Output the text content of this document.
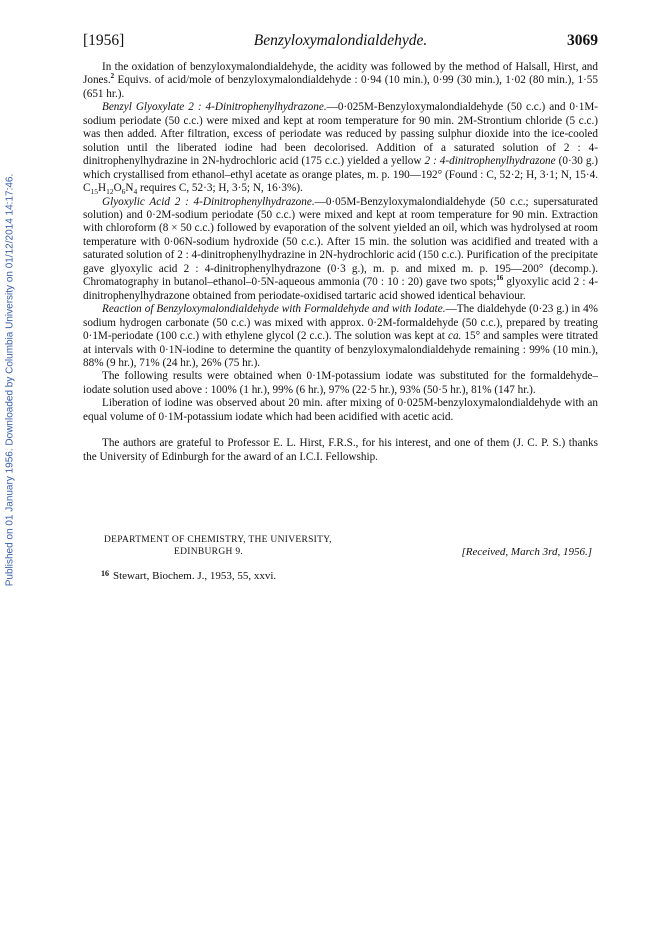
Published on 01 January 1956. Downloaded by Columbia University on 01/12/2014 14:17:46.
[1956]	Benzyloxymalondialdehyde.	3069

In the oxidation of benzyloxymalondialdehyde, the acidity was followed by the method of Halsall, Hirst, and Jones.$^2$ Equivs. of acid/mole of benzyloxymalondialdehyde : 0·94 (10 min.), 0·99 (30 min.), 1·02 (80 min.), 1·55 (651 hr.).

Benzyl Glyoxylate 2 : 4-Dinitrophenylhydrazone.—0·025M-Benzyloxymalondialdehyde (50 c.c.) and 0·1M-sodium periodate (50 c.c.) were mixed and kept at room temperature for 90 min. 2M-Strontium chloride (5 c.c.) was then added. After filtration, excess of periodate was reduced by passing sulphur dioxide into the ice-cooled solution until the liberated iodine had been decolorised. Addition of a saturated solution of 2 : 4-dinitrophenylhydrazine in 2N-hydrochloric acid (175 c.c.) yielded a yellow 2 : 4-dinitrophenylhydrazone (0·30 g.) which crystallised from ethanol–ethyl acetate as orange plates, m. p. 190—192° (Found : C, 52·2; H, 3·1; N, 15·4. $C_{15}H_{12}O_6N_4$ requires C, 52·3; H, 3·5; N, 16·3%).

Glyoxylic Acid 2 : 4-Dinitrophenylhydrazone.—0·05M-Benzyloxymalondialdehyde (50 c.c.; supersaturated solution) and 0·2M-sodium periodate (50 c.c.) were mixed and kept at room temperature for 90 min. Extraction with chloroform (8 × 50 c.c.) followed by evaporation of the solvent yielded an oil, which was hydrolysed at room temperature with 0·06N-sodium hydroxide (50 c.c.). After 15 min. the solution was acidified and treated with a saturated solution of 2 : 4-dinitrophenylhydrazine in 2N-hydrochloric acid (150 c.c.). Purification of the precipitate gave glyoxylic acid 2 : 4-dinitrophenylhydrazone (0·3 g.), m. p. and mixed m. p. 195—200° (decomp.). Chromatography in butanol–ethanol–0·5N-aqueous ammonia (70 : 10 : 20) gave two spots;$^{16}$ glyoxylic acid 2 : 4-dinitrophenylhydrazone obtained from periodate-oxidised tartaric acid showed identical behaviour.

Reaction of Benzyloxymalondialdehyde with Formaldehyde and with Iodate.—The dialdehyde (0·23 g.) in 4% sodium hydrogen carbonate (50 c.c.) was mixed with approx. 0·2M-formaldehyde (50 c.c.), prepared by treating 0·1M-periodate (100 c.c.) with ethylene glycol (2 c.c.). The solution was kept at ca. 15° and samples were titrated at intervals with 0·1N-iodine to determine the quantity of benzyloxymalondialdehyde remaining : 99% (10 min.), 88% (9 hr.), 71% (24 hr.), 26% (75 hr.).

The following results were obtained when 0·1M-potassium iodate was substituted for the formaldehyde–iodate solution used above : 100% (1 hr.), 99% (6 hr.), 97% (22·5 hr.), 93% (50·5 hr.), 81% (147 hr.).

Liberation of iodine was observed about 20 min. after mixing of 0·025M-benzyloxymalondialdehyde with an equal volume of 0·1M-potassium iodate which had been acidified with acetic acid.

The authors are grateful to Professor E. L. Hirst, F.R.S., for his interest, and one of them (J. C. P. S.) thanks the University of Edinburgh for the award of an I.C.I. Fellowship.

DEPARTMENT OF CHEMISTRY, THE UNIVERSITY,
EDINBURGH 9.	[Received, March 3rd, 1956.]
$^{16}$ Stewart, Biochem. J., 1953, 55, xxvi.
